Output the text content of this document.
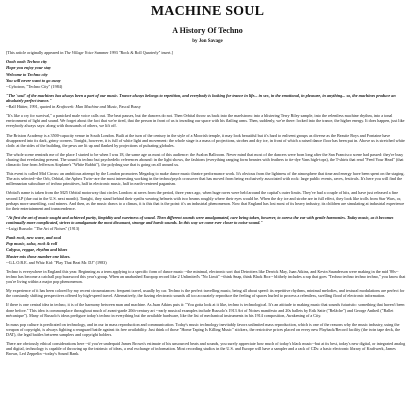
MACHINE SOUL
A History Of Techno
by Jon Savage

[This article originally appeared in The Village Voice Summer 1993 "Rock & Roll Quarterly" insert.]

Oooh oooh Techno city
Hope you enjoy your stay
Welcome to Techno city
You will never want to go away
--Cybotron, "Techno City" (1984)
"The 'soul' of the machines has always been a part of our music. Trance always belongs to repetition, and everybody is looking for trance in life... in sex, in the emotional, in pleasure, in anything... so, the machines produce an absolutely perfect trance."
--Ralf Hütter, 1991, quoted in Kraftwerk: Man Machine and Music, Pascal Bussy

"It's like a cry for survival," a panicked male voice calls out. The beat pauses, but the dancers do not. Then Orbital throw us back into the maelstrom: into a blistering Terry Riley sample, into the relentless machine rhythm, into a tonal environment of light and sound. We forget about the fact that we're tired, that the person in front of us is invading our space with his flailing arms. Then, suddenly, we're there: locked into the trance, the higher energy. It does happen, just like everybody always says: along with thousands of others, we lift off.

The Brixton Academy is a 3500-capacity venue in South London. Built at the turn of the century in the style of a Moorish temple, it may look beautiful but it's hard to enlivent groups as diverse as the Beastie Boys and Fontaine have disappeared into its dark, grimy corners. Tonight, however, it is full of white light and movement: the whole stage is a mass of projections, strobes and dry ice, in front of which a raised dance floor has been put in. Above us is stretched white cloth: at the sides of the building, the pews are lit up and flanked by projections of pulsating globules.

The whole scene reminds me of the place I started to be when I was 18, the same age as most of this audience: the Avalon Ballroom. Never mind that most of the dancers were born long after the San Francisco scene had passed: they're busy chasing that everlasting present. The sound is techno but psychedelic references abound: in the light shows, the fashions (everything ranging form beanies with feathers to tie-dye Vans high-tops), the T-shirts that read "Feed Your Head" (that climactic line from Jefferson Airplane's "White Rabbit"), the polydrug use that is going on all around us.

This event is called Mid Circus: an ambitious attempt by the London promoters Megadog to make dance music theatre performance work. It's obvious from the lightness of the atmosphere that time and energy have been spent on the staging. The acts selected--the Orb, Orbital, the Aphex Twin--are the most interesting working in the techno/psych crossover that has moved from being exclusively associated with rock: large public events, raves, festivals. It's here you will find the millennarian subculture of techno primitives, half in electronic music, half in earth-centered paganism.

Orbital's name is taken from the M25 Orbital motorway that circles London: at raves from the period, three years ago, when huge raves were held around the capital's outer limits. They've had a couple of hits, and have just released a fine second LP (due out in the U.S. next month). Tonight, they stand behind their synths wearing helmets with two beams roughly where their eyes would be. When the dry ice and strobe are in full effect, they look like trolls from Star Wars, or, perhaps more unsettling, coal miners. And then, as the music draws to a climax, it is this that is the point: it's an industrial phenomenon. Now that England has lost most of its heavy industry, its children are simulating at industrial experience for their entertainment and transcendence.

"At first the art of music sought and achieved purity, limpidity and sweetness of sound. Then different sounds were amalgamated, care being taken, however, to caress the ear with gentle harmonies. Today music, as it becomes continually more complicated, strives to amalgamate the most dissonant, strange and harsh sounds. In this way we come ever closer to noise-sound."
--Luigi Russolo: "The Art of Noises" (1913)
Punk rock, new wave, and soul
Pop music, salsa, rock & roll
Calypso, reggae, rhythm and blues
Master mix those number one blues.
--G.L.O.B.E. and Whiz Kid: "Play That Beat Mr. DJ" (1983)

Techno is everywhere in England this year. Beginning as a term applying to a specific form of dance music --the minimal, electronic sort that Detroiters like Derrick May, Juan Atkins, and Kevin Saunderson were making in the mid '80s-- techno has become a catchall pop buzzword this year's group. When an unabashed Europop record like 2 Unlimited's "No Limit" --think Snap, think Black Box-- blithely includes a rap that goes "Techno techno techno techno," you know that you're living within a major pop phenomenon.

My experience of it has been colored by my recent circumstances: frequent travel, usually by car. Techno is the perfect travelling music, being all about speed: its repetitive rhythms, minimal melodies, and textural modulations are perfect for the constantly shifting perspectives offered by high-speed travel. Alternatively, the fizzing electronic sounds all too accurately reproduce the feeling of spaces hurled to process a relentless, swelling flood of electronic information.

If there is one central idea in techno, it is of the harmony between man and machine. As Juan Atkins puts it: "You gotta look at it like, techno is technological. It's an attitude to making music that sounds futuristic: something that haven't been done before." This idea is commonplace throughout much of avant-garde 20th-century art --early musical examples include Russolo's 1913 Art of Noises manifesto and 20s ballets by Erik Satie ("Relâche") and George Antheil ("Ballet mécanique"). Many of Russolo's ideas prefigure today's techno in everything but the available hardware, like the list of mechanical instruments in his 1914 composition, Awakening of a City.

In mass pop culture is predicated on technology, and in our in mass reproduction and communication. Today's music technology inevitably favors unlimited mass reproduction, which is one of the reasons why the music industry, using the weapon of copyright, is always fighting a rearguard battle against its free availability. Just think of those "Home Taping Is Killing Music" stickers, the restrictive prices placed on every new Playback/Record facility (the twin tape deck, the DAT), the legal battles between samplers and copyright holders.

There are obviously ethical considerations here --if you've underpaid James Brown's estimate of his unsourced beats and sounds, you surely appreciate how much of today's black music--but at its best, today's new digital, or integrated analog and digital, technology is capable of throwing up the intrinsic of ideas, a real exchange of information. Most recording studios in the U.S. and Europe will have a sampler and a rack of CDs: a basic electronic library of Kraftwerk, James Brown, Led Zeppelin --today's Sound Bank.
